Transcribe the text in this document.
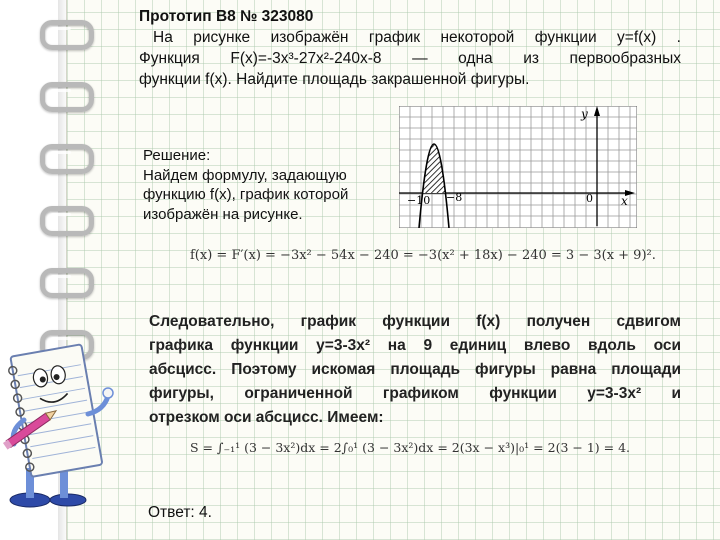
Прототип B8 № 323080
На рисунке изображён график некоторой функции y=f(x) .
Функция F(x)=-3x³-27x²-240x-8 — одна из первообразных
функции f(x). Найдите площадь закрашенной фигуры.
Решение:
Найдем формулу, задающую
функцию f(x), график которой
изображён на рисунке.
y
x
−10 −8	0
f(x) = F′(x) = −3x² − 54x − 240 = −3(x² + 18x) − 240 = 3 − 3(x + 9)².
Следовательно, график функции f(x) получен сдвигом
графика функции y=3-3x² на 9 единиц влево вдоль оси
абсцисс. Поэтому искомая площадь фигуры равна площади
фигуры, ограниченной графиком функции y=3-3x² и
отрезком оси абсцисс. Имеем:
S = ∫₋₁¹ (3 − 3x²)dx = 2∫₀¹ (3 − 3x²)dx = 2(3x − x³)|₀¹ = 2(3 − 1) = 4.
Ответ: 4.
